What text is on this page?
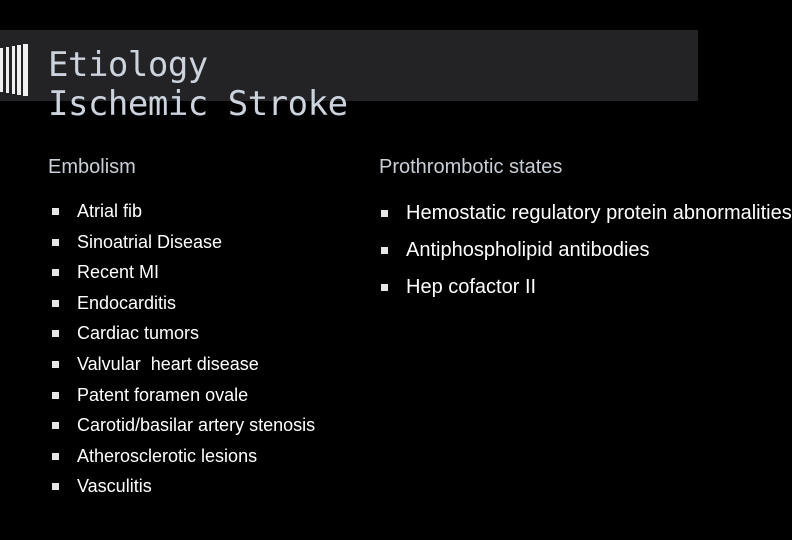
Etiology
Ischemic Stroke
Embolism	Prothrombotic states
Atrial fib
Sinoatrial Disease
Recent MI
Endocarditis
Cardiac tumors
Valvular  heart disease
Patent foramen ovale
Carotid/basilar artery stenosis
Atherosclerotic lesions
Vasculitis
Hemostatic regulatory protein abnormalities
Antiphospholipid antibodies
Hep cofactor II
